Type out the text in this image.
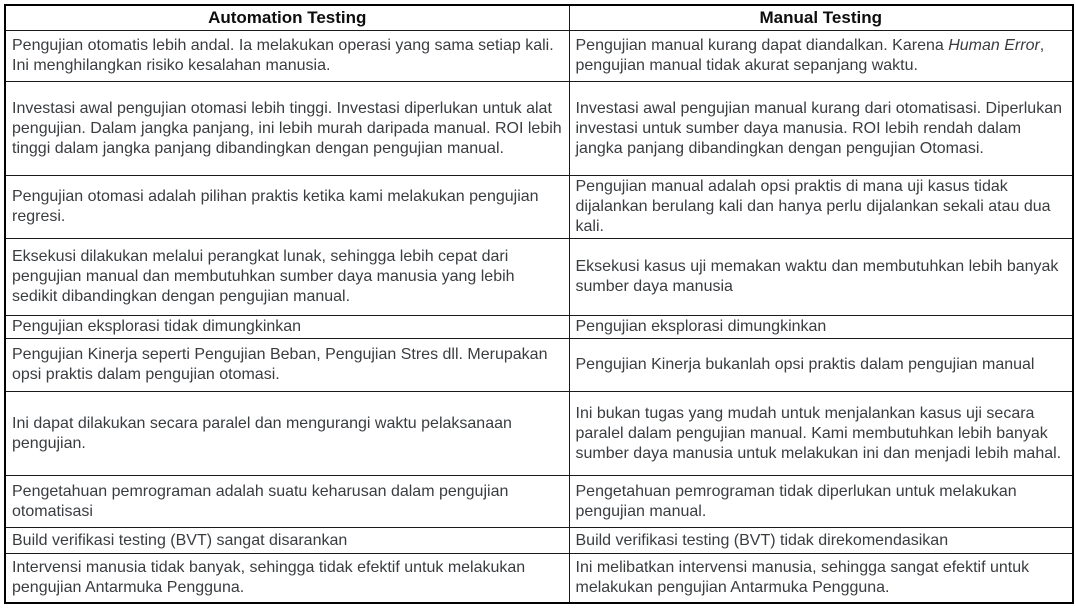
Automation Testing	Manual Testing
Pengujian otomatis lebih andal. Ia melakukan operasi yang sama setiap kali. Ini menghilangkan risiko kesalahan manusia.	Pengujian manual kurang dapat diandalkan. Karena Human Error, pengujian manual tidak akurat sepanjang waktu.
Investasi awal pengujian otomasi lebih tinggi. Investasi diperlukan untuk alat pengujian. Dalam jangka panjang, ini lebih murah daripada manual. ROI lebih tinggi dalam jangka panjang dibandingkan dengan pengujian manual.	Investasi awal pengujian manual kurang dari otomatisasi. Diperlukan investasi untuk sumber daya manusia. ROI lebih rendah dalam jangka panjang dibandingkan dengan pengujian Otomasi.
Pengujian otomasi adalah pilihan praktis ketika kami melakukan pengujian regresi.	Pengujian manual adalah opsi praktis di mana uji kasus tidak dijalankan berulang kali dan hanya perlu dijalankan sekali atau dua kali.
Eksekusi dilakukan melalui perangkat lunak, sehingga lebih cepat dari pengujian manual dan membutuhkan sumber daya manusia yang lebih sedikit dibandingkan dengan pengujian manual.	Eksekusi kasus uji memakan waktu dan membutuhkan lebih banyak sumber daya manusia
Pengujian eksplorasi tidak dimungkinkan	Pengujian eksplorasi dimungkinkan
Pengujian Kinerja seperti Pengujian Beban, Pengujian Stres dll. Merupakan opsi praktis dalam pengujian otomasi.	Pengujian Kinerja bukanlah opsi praktis dalam pengujian manual
Ini dapat dilakukan secara paralel dan mengurangi waktu pelaksanaan pengujian.	Ini bukan tugas yang mudah untuk menjalankan kasus uji secara paralel dalam pengujian manual. Kami membutuhkan lebih banyak sumber daya manusia untuk melakukan ini dan menjadi lebih mahal.
Pengetahuan pemrograman adalah suatu keharusan dalam pengujian otomatisasi	Pengetahuan pemrograman tidak diperlukan untuk melakukan pengujian manual.
Build verifikasi testing (BVT) sangat disarankan	Build verifikasi testing (BVT) tidak direkomendasikan
Intervensi manusia tidak banyak, sehingga tidak efektif untuk melakukan pengujian Antarmuka Pengguna.	Ini melibatkan intervensi manusia, sehingga sangat efektif untuk melakukan pengujian Antarmuka Pengguna.
